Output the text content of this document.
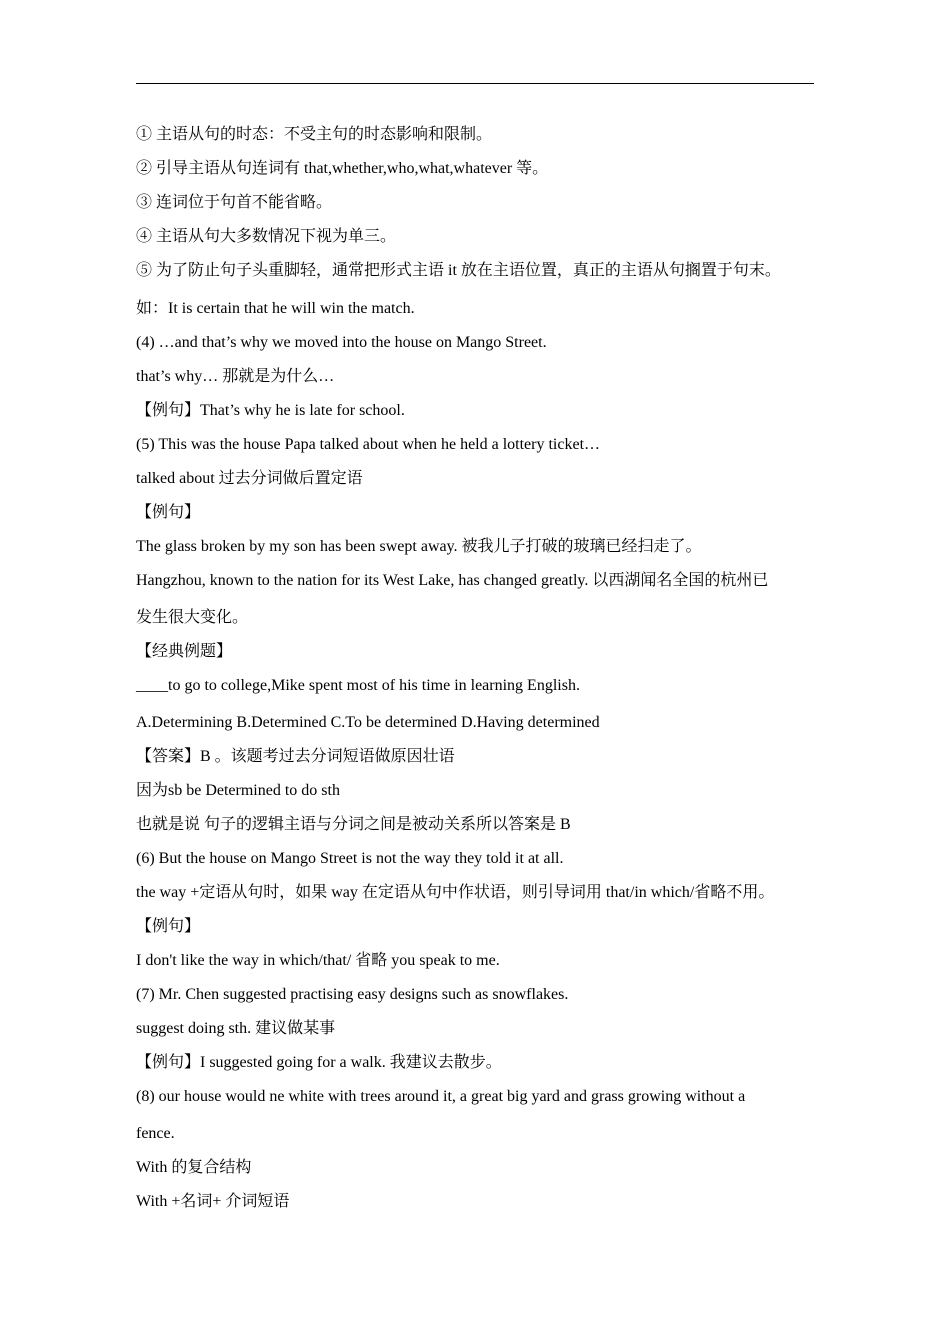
① 主语从句的时态：不受主句的时态影响和限制。
② 引导主语从句连词有 that,whether,who,what,whatever 等。
③ 连词位于句首不能省略。
④ 主语从句大多数情况下视为单三。
⑤ 为了防止句子头重脚轻，通常把形式主语 it 放在主语位置，真正的主语从句搁置于句末。
如：It is certain that he will win the match.
(4) …and that’s why we moved into the house on Mango Street.
that’s why… 那就是为什么…
【例句】That’s why he is late for school.
(5) This was the house Papa talked about when he held a lottery ticket…
talked about 过去分词做后置定语
【例句】
The glass broken by my son has been swept away. 被我儿子打破的玻璃已经扫走了。
Hangzhou, known to the nation for its West Lake, has changed greatly. 以西湖闻名全国的杭州已
发生很大变化。
【经典例题】
____to go to college,Mike spent most of his time in learning English.
A.Determining B.Determined C.To be determined D.Having determined
【答案】B 。该题考过去分词短语做原因壮语
因为sb be Determined to do sth
也就是说 句子的逻辑主语与分词之间是被动关系所以答案是 B
(6) But the house on Mango Street is not the way they told it at all.
the way +定语从句时，如果 way 在定语从句中作状语，则引导词用 that/in which/省略不用。
【例句】
I don't like the way in which/that/ 省略 you speak to me.
(7) Mr. Chen suggested practising easy designs such as snowflakes.
suggest doing sth. 建议做某事
【例句】I suggested going for a walk. 我建议去散步。
(8) our house would ne white with trees around it, a great big yard and grass growing without a
fence.
With 的复合结构
With +名词+ 介词短语
